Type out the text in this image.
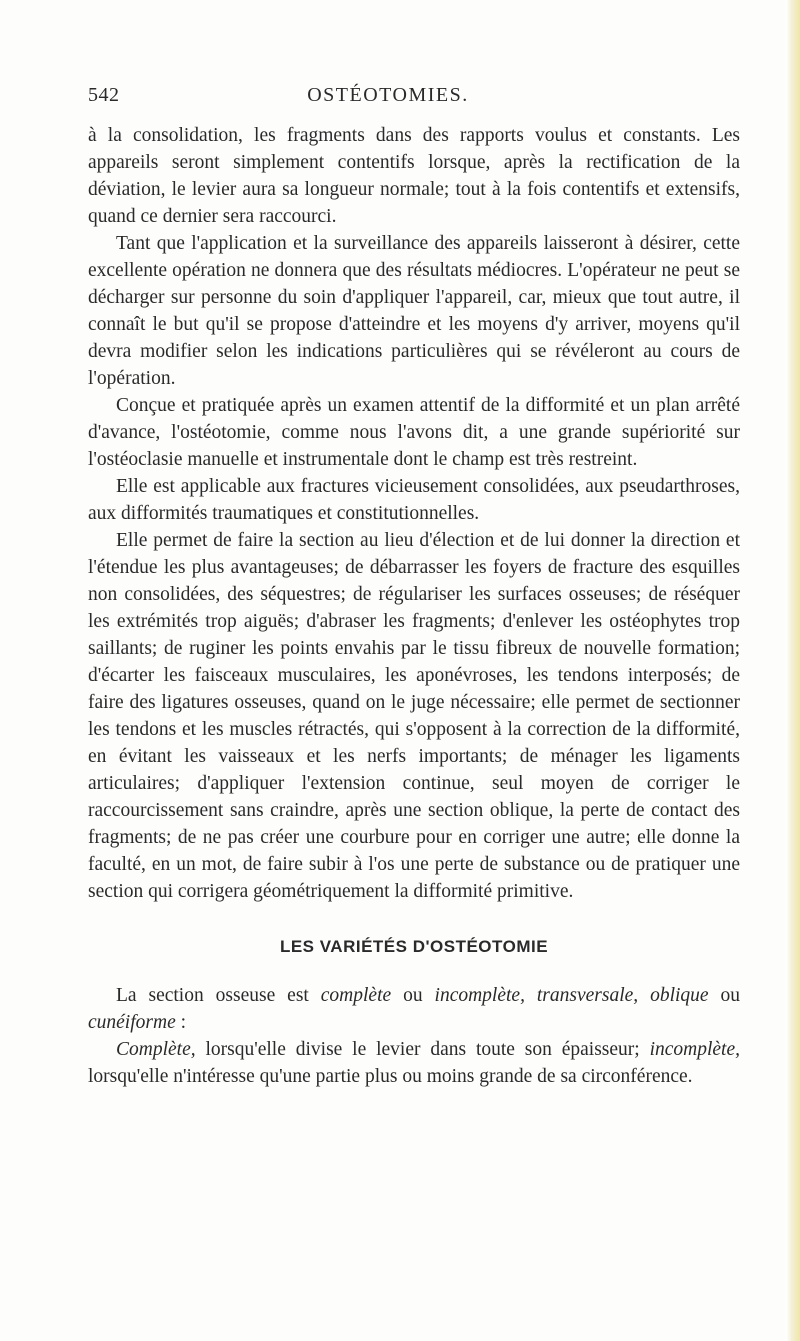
542	OSTÉOTOMIES.

à la consolidation, les fragments dans des rapports voulus et constants. Les appareils seront simplement contentifs lorsque, après la rectification de la déviation, le levier aura sa longueur normale; tout à la fois contentifs et extensifs, quand ce dernier sera raccourci.

Tant que l'application et la surveillance des appareils laisseront à désirer, cette excellente opération ne donnera que des résultats médiocres. L'opérateur ne peut se décharger sur personne du soin d'appliquer l'appareil, car, mieux que tout autre, il connaît le but qu'il se propose d'atteindre et les moyens d'y arriver, moyens qu'il devra modifier selon les indications particulières qui se révéleront au cours de l'opération.

Conçue et pratiquée après un examen attentif de la difformité et un plan arrêté d'avance, l'ostéotomie, comme nous l'avons dit, a une grande supériorité sur l'ostéoclasie manuelle et instrumentale dont le champ est très restreint.

Elle est applicable aux fractures vicieusement consolidées, aux pseudarthroses, aux difformités traumatiques et constitutionnelles.

Elle permet de faire la section au lieu d'élection et de lui donner la direction et l'étendue les plus avantageuses; de débarrasser les foyers de fracture des esquilles non consolidées, des séquestres; de régulariser les surfaces osseuses; de réséquer les extrémités trop aiguës; d'abraser les fragments; d'enlever les ostéophytes trop saillants; de ruginer les points envahis par le tissu fibreux de nouvelle formation; d'écarter les faisceaux musculaires, les aponévroses, les tendons interposés; de faire des ligatures osseuses, quand on le juge nécessaire; elle permet de sectionner les tendons et les muscles rétractés, qui s'opposent à la correction de la difformité, en évitant les vaisseaux et les nerfs importants; de ménager les ligaments articulaires; d'appliquer l'extension continue, seul moyen de corriger le raccourcissement sans craindre, après une section oblique, la perte de contact des fragments; de ne pas créer une courbure pour en corriger une autre; elle donne la faculté, en un mot, de faire subir à l'os une perte de substance ou de pratiquer une section qui corrigera géométriquement la difformité primitive.

LES VARIÉTÉS D'OSTÉOTOMIE

La section osseuse est complète ou incomplète, transversale, oblique ou cunéiforme :

Complète, lorsqu'elle divise le levier dans toute son épaisseur; incomplète, lorsqu'elle n'intéresse qu'une partie plus ou moins grande de sa circonférence.
